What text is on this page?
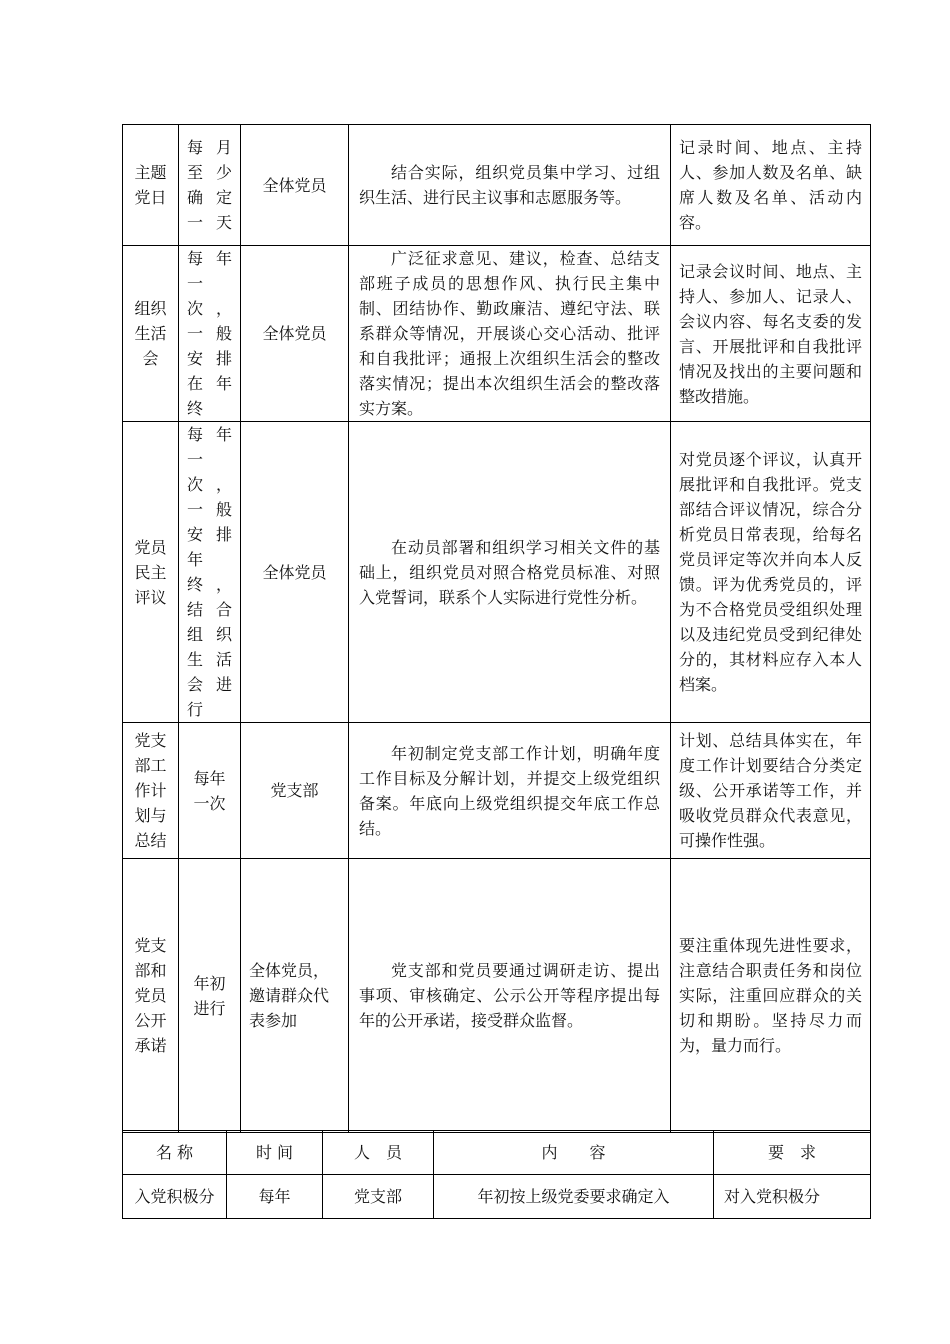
主题党日	每月至少确定一天	全体党员	结合实际，组织党员集中学习、过组织生活、进行民主议事和志愿服务等。	记录时间、地点、主持人、参加人数及名单、缺席人数及名单、活动内容。

组织生活会	每年一次，一般安排在年终	全体党员	广泛征求意见、建议，检查、总结支部班子成员的思想作风、执行民主集中制、团结协作、勤政廉洁、遵纪守法、联系群众等情况，开展谈心交心活动、批评和自我批评；通报上次组织生活会的整改落实情况；提出本次组织生活会的整改落实方案。	记录会议时间、地点、主持人、参加人、记录人、会议内容、每名支委的发言、开展批评和自我批评情况及找出的主要问题和整改措施。

党员民主评议	每年一次，一般安排年终，结合组织生活会进行	全体党员	在动员部署和组织学习相关文件的基础上，组织党员对照合格党员标准、对照入党誓词，联系个人实际进行党性分析。	对党员逐个评议，认真开展批评和自我批评。党支部结合评议情况，综合分析党员日常表现，给每名党员评定等次并向本人反馈。评为优秀党员的，评为不合格党员受组织处理以及违纪党员受到纪律处分的，其材料应存入本人档案。

党支部工作计划与总结	每年一次	党支部	年初制定党支部工作计划，明确年度工作目标及分解计划，并提交上级党组织备案。年底向上级党组织提交年底工作总结。	计划、总结具体实在，年度工作计划要结合分类定级、公开承诺等工作，并吸收党员群众代表意见，可操作性强。

党支部和党员公开承诺	年初进行	全体党员，邀请群众代表参加	党支部和党员要通过调研走访、提出事项、审核确定、公示公开等程序提出每年的公开承诺，接受群众监督。	要注重体现先进性要求，注意结合职责任务和岗位实际，注重回应群众的关切和期盼。坚持尽力而为，量力而行。

名 称	时 间	人　员	内　　容	要　求
入党积极分	每年	党支部	年初按上级党委要求确定入	对入党积极分
